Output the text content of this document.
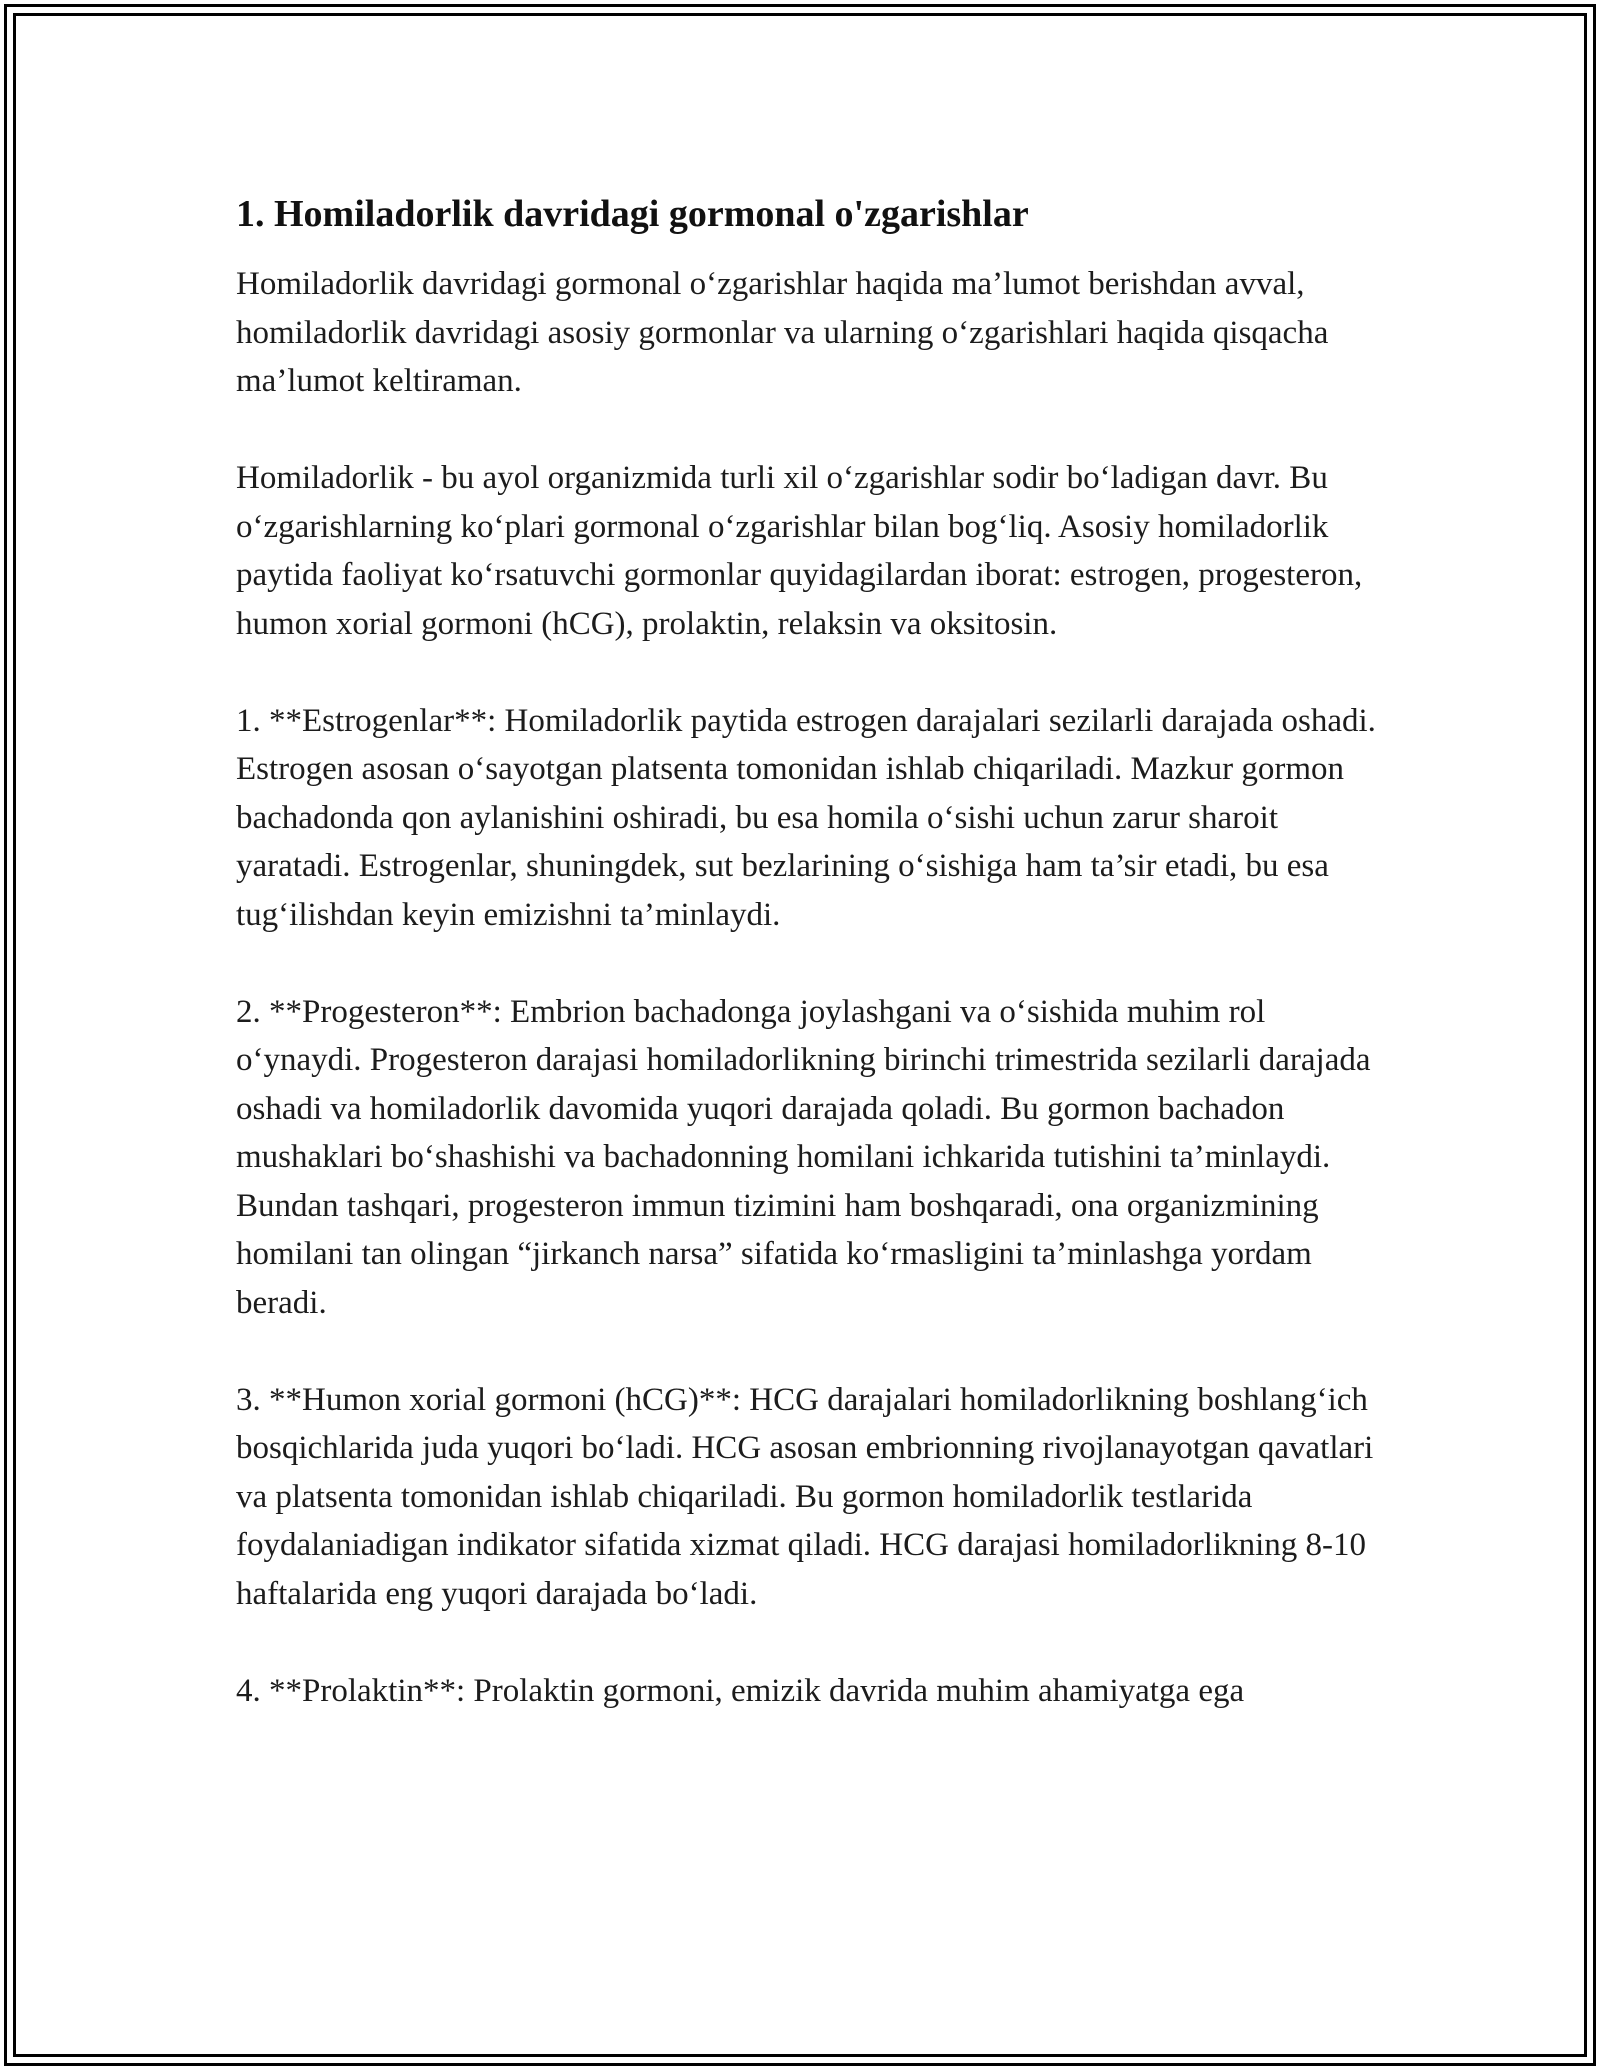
1. Homiladorlik davridagi gormonal o'zgarishlar

Homiladorlik davridagi gormonal o‘zgarishlar haqida ma’lumot berishdan avval, homiladorlik davridagi asosiy gormonlar va ularning o‘zgarishlari haqida qisqacha ma’lumot keltiraman.

Homiladorlik - bu ayol organizmida turli xil o‘zgarishlar sodir bo‘ladigan davr. Bu o‘zgarishlarning ko‘plari gormonal o‘zgarishlar bilan bog‘liq. Asosiy homiladorlik paytida faoliyat ko‘rsatuvchi gormonlar quyidagilardan iborat: estrogen, progesteron, humon xorial gormoni (hCG), prolaktin, relaksin va oksitosin.

1. **Estrogenlar**: Homiladorlik paytida estrogen darajalari sezilarli darajada oshadi. Estrogen asosan o‘sayotgan platsenta tomonidan ishlab chiqariladi. Mazkur gormon bachadonda qon aylanishini oshiradi, bu esa homila o‘sishi uchun zarur sharoit yaratadi. Estrogenlar, shuningdek, sut bezlarining o‘sishiga ham ta’sir etadi, bu esa tug‘ilishdan keyin emizishni ta’minlaydi.

2. **Progesteron**: Embrion bachadonga joylashgani va o‘sishida muhim rol o‘ynaydi. Progesteron darajasi homiladorlikning birinchi trimestrida sezilarli darajada oshadi va homiladorlik davomida yuqori darajada qoladi. Bu gormon bachadon mushaklari bo‘shashishi va bachadonning homilani ichkarida tutishini ta’minlaydi. Bundan tashqari, progesteron immun tizimini ham boshqaradi, ona organizmining homilani tan olingan “jirkanch narsa” sifatida ko‘rmasligini ta’minlashga yordam beradi.

3. **Humon xorial gormoni (hCG)**: HCG darajalari homiladorlikning boshlang‘ich bosqichlarida juda yuqori bo‘ladi. HCG asosan embrionning rivojlanayotgan qavatlari va platsenta tomonidan ishlab chiqariladi. Bu gormon homiladorlik testlarida foydalaniadigan indikator sifatida xizmat qiladi. HCG darajasi homiladorlikning 8-10 haftalarida eng yuqori darajada bo‘ladi.

4. **Prolaktin**: Prolaktin gormoni, emizik davrida muhim ahamiyatga ega
